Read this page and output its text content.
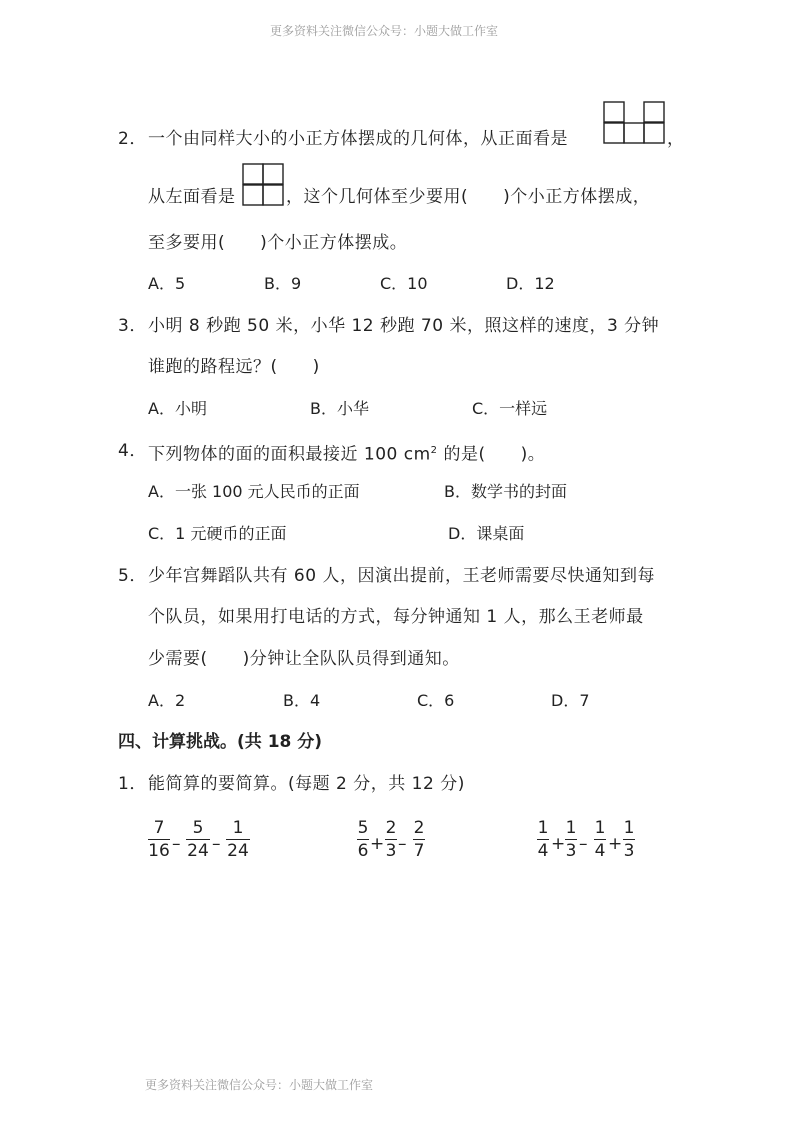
更多资料关注微信公众号：小题大做工作室
更多资料关注微信公众号：小题大做工作室
2． 一个由同样大小的小正方体摆成的几何体，从正面看是	，
从左面看是	，这个几何体至少要用(　　)个小正方体摆成，
至多要用(　　)个小正方体摆成。
A．5	B．9	C．10	D．12
3． 小明 8 秒跑 50 米，小华 12 秒跑 70 米，照这样的速度，3 分钟
谁跑的路程远？(　　)
A．小明	B．小华	C．一样远
4． 下列物体的面的面积最接近 100 $cm^2$ 的是(　　)。
A．一张 100 元人民币的正面	B．数学书的封面
C．1 元硬币的正面	D．课桌面
5． 少年宫舞蹈队共有 60 人，因演出提前，王老师需要尽快通知到每
个队员，如果用打电话的方式，每分钟通知 1 人，那么王老师最
少需要(　　)分钟让全队队员得到通知。
A．2	B．4	C．6	D．7
四、计算挑战。(共 18 分)
1． 能简算的要简算。(每题 2 分，共 12 分)
7
16 –
5
24 –
1
24
5
6 +
2
3 –
2
7
1
4 +
1
3 –
1
4 +
1
3
